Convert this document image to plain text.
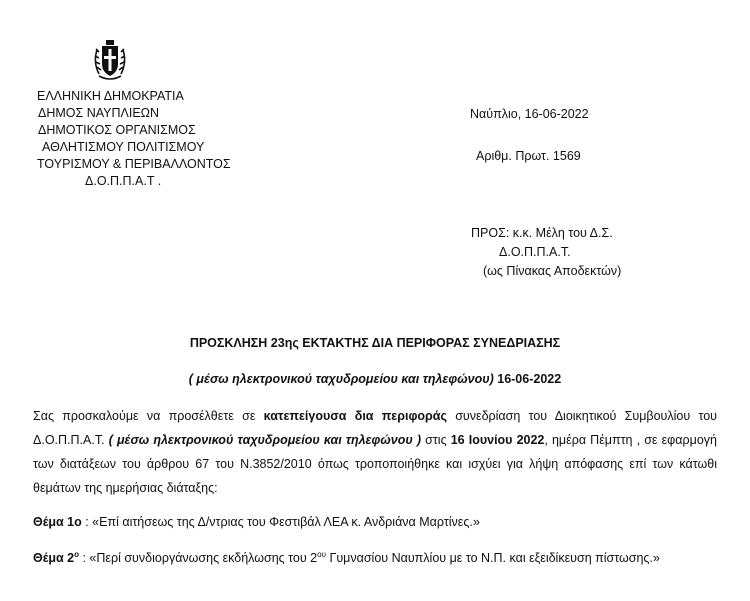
ΕΛΛΗΝΙΚΗ ΔΗΜΟΚΡΑΤΙΑ
ΔΗΜΟΣ ΝΑΥΠΛΙΕΩΝ
ΔΗΜΟΤΙΚΟΣ ΟΡΓΑΝΙΣΜΟΣ
ΑΘΛΗΤΙΣΜΟΥ ΠΟΛΙΤΙΣΜΟΥ
ΤΟΥΡΙΣΜΟΥ & ΠΕΡΙΒΑΛΛΟΝΤΟΣ
Δ.Ο.Π.Π.Α.Τ .
Ναύπλιο, 16-06-2022
Αριθμ. Πρωτ. 1569
ΠΡΟΣ: κ.κ. Μέλη του Δ.Σ.
Δ.Ο.Π.Π.Α.Τ.
(ως Πίνακας Αποδεκτών)
ΠΡΟΣΚΛΗΣΗ 23ης ΕΚΤΑΚΤΗΣ ΔΙΑ ΠΕΡΙΦΟΡΑΣ ΣΥΝΕΔΡΙΑΣΗΣ
( μέσω ηλεκτρονικού ταχυδρομείου και τηλεφώνου) 16-06-2022
Σας προσκαλούμε να προσέλθετε σε κατεπείγουσα δια περιφοράς συνεδρίαση του Διοικητικού Συμβουλίου του Δ.Ο.Π.Π.Α.Τ. ( μέσω ηλεκτρονικού ταχυδρομείου και τηλεφώνου ) στις 16 Ιουνίου 2022, ημέρα Πέμπτη , σε εφαρμογή των διατάξεων του άρθρου 67 του Ν.3852/2010 όπως τροποποιήθηκε και ισχύει για λήψη απόφασης επί των κάτωθι θεμάτων της ημερήσιας διάταξης:
Θέμα 1ο : «Επί αιτήσεως της Δ/ντριας του Φεστιβάλ ΛΕΑ κ. Ανδριάνα Μαρτίνες.»
Θέμα $2^o$ : «Περί συνδιοργάνωσης εκδήλωσης του $2^{o\upsilon}$ Γυμνασίου Ναυπλίου με το Ν.Π. και εξειδίκευση πίστωσης.»
